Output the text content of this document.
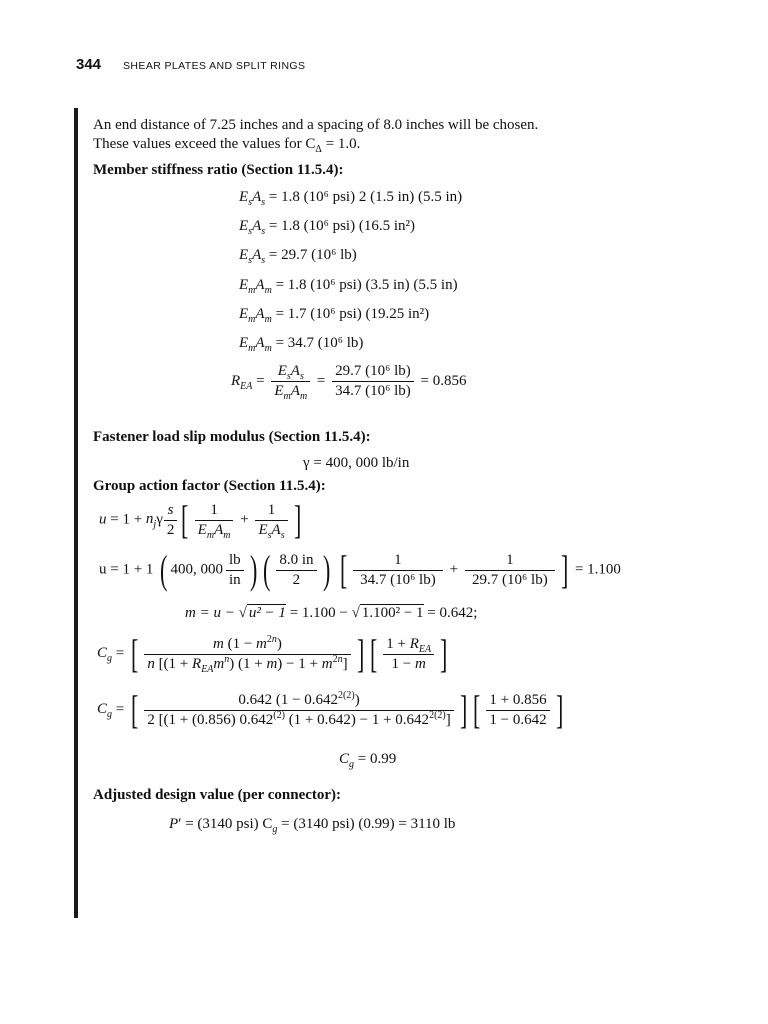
344 SHEAR PLATES AND SPLIT RINGS

An end distance of 7.25 inches and a spacing of 8.0 inches will be chosen.
These values exceed the values for $C_\Delta = 1.0$.

Member stiffness ratio (Section 11.5.4):

$E_sA_s = 1.8$ (10⁶ psi) 2 (1.5 in) (5.5 in)
$E_sA_s = 1.8$ (10⁶ psi) (16.5 in²)
$E_sA_s = 29.7$ (10⁶ lb)
$E_mA_m = 1.8$ (10⁶ psi) (3.5 in) (5.5 in)
$E_mA_m = 1.7$ (10⁶ psi) (19.25 in²)
$E_mA_m = 34.7$ (10⁶ lb)
$R_{EA} = \frac{E_sA_s}{E_mA_m} = \frac{\text{29.7 (10⁶ lb)}}{\text{34.7 (10⁶ lb)}} = 0.856$

Fastener load slip modulus (Section 11.5.4):

γ = 400, 000 lb/in

Group action factor (Section 11.5.4):

$u = 1 + n_j\gamma \frac{s}{2}$ [ $\frac{1}{E_mA_m} + \frac{1}{E_sA_s}$ ]
u = 1 + 1 ( 400, $000 \frac{lb}{in}$ ) ( $\frac{8.0 in}{2}$ ) [ $\frac{1}{\text{34.7 (10⁶ lb)}} + \frac{1}{\text{29.7 (10⁶ lb)}}$ ] = 1.100
m = u − √ u² − 1 = 1.100 − √ 1.100² − 1 = 0.642;
$C_g$ = [ $\frac{m (1 - m^{2n})}{n [(1 + R_{EA}m^n) (1 + m) - 1 + m^{2n}]}$ ] [ $\frac{1 + R_{EA}}{1 - m}$ ]
$C_g$ = [ $\frac{0.642 (1 - 0.642^{2(2)})}{2 [(1 + (0.856) 0.642^{(2)} (1 + 0.642) - 1 + 0.642^{2(2)}]}$ ] [ $\frac{1 + 0.856}{1 - 0.642}$ ]
$C_g = 0.99$

Adjusted design value (per connector):

P′ = (3140 psi) $C_g = (3140$ psi) (0.99) = 3110 lb
